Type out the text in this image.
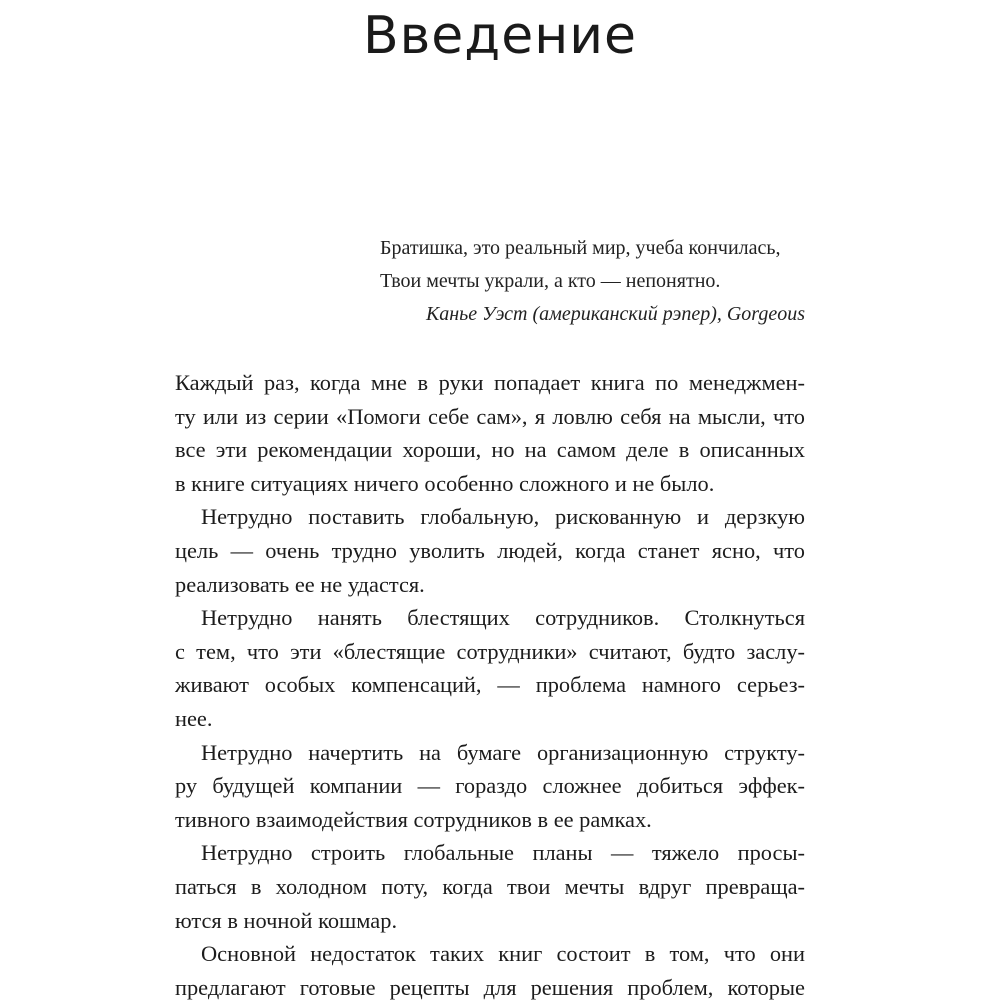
Введение
Братишка, это реальный мир, учеба кончилась,
Твои мечты украли, а кто — непонятно.
Канье Уэст (американский рэпер), Gorgeous

Каждый раз, когда мне в руки попадает книга по менеджмен-
ту или из серии «Помоги себе сам», я ловлю себя на мысли, что
все эти рекомендации хороши, но на самом деле в описанных
в книге ситуациях ничего особенно сложного и не было.

Нетрудно поставить глобальную, рискованную и дерзкую
цель — очень трудно уволить людей, когда станет ясно, что
реализовать ее не удастся.

Нетрудно нанять блестящих сотрудников. Столкнуться
с тем, что эти «блестящие сотрудники» считают, будто заслу-
живают особых компенсаций, — проблема намного серьез-
нее.

Нетрудно начертить на бумаге организационную структу-
ру будущей компании — гораздо сложнее добиться эффек-
тивного взаимодействия сотрудников в ее рамках.

Нетрудно строить глобальные планы — тяжело просы-
паться в холодном поту, когда твои мечты вдруг превраща-
ются в ночной кошмар.

Основной недостаток таких книг состоит в том, что они
предлагают готовые рецепты для решения проблем, которые
